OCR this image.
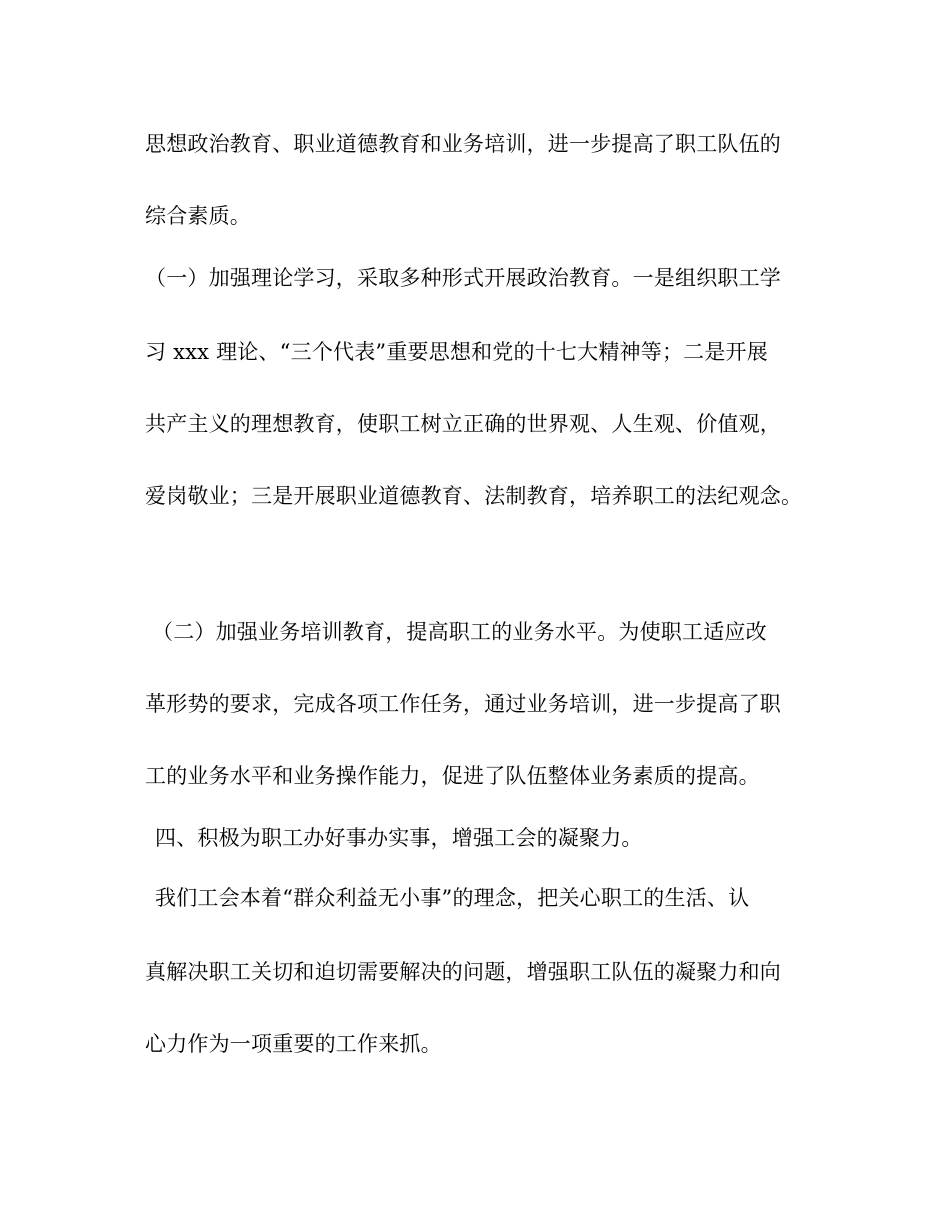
思想政治教育、职业道德教育和业务培训，进一步提高了职工队伍的
综合素质。
（一）加强理论学习，采取多种形式开展政治教育。一是组织职工学
习 xxx 理论、“三个代表”重要思想和党的十七大精神等；二是开展
共产主义的理想教育，使职工树立正确的世界观、人生观、价值观，
爱岗敬业；三是开展职业道德教育、法制教育，培养职工的法纪观念。
（二）加强业务培训教育，提高职工的业务水平。为使职工适应改
革形势的要求，完成各项工作任务，通过业务培训，进一步提高了职
工的业务水平和业务操作能力，促进了队伍整体业务素质的提高。
四、积极为职工办好事办实事，增强工会的凝聚力。
我们工会本着“群众利益无小事”的理念，把关心职工的生活、认
真解决职工关切和迫切需要解决的问题，增强职工队伍的凝聚力和向
心力作为一项重要的工作来抓。
